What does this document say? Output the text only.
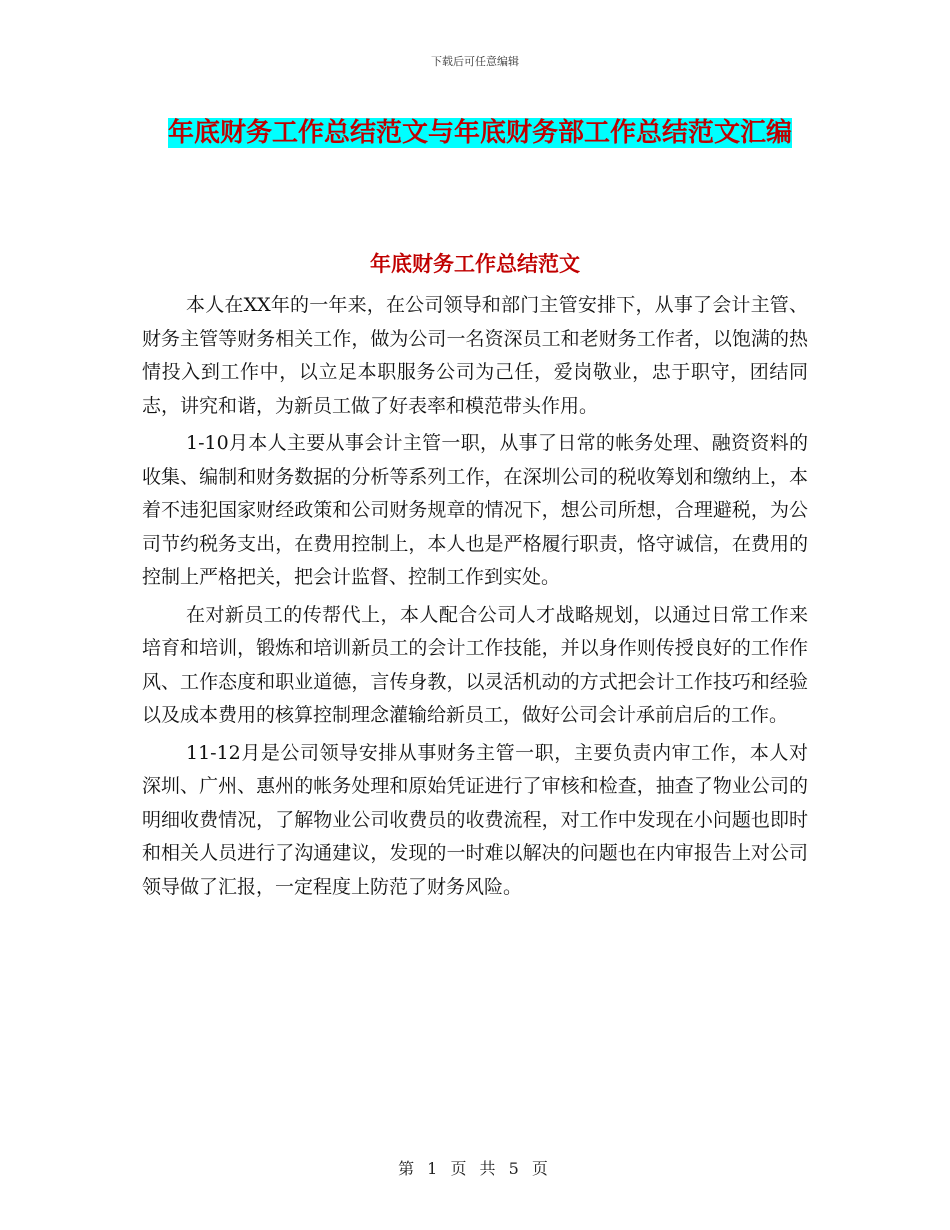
下载后可任意编辑
年底财务工作总结范文与年底财务部工作总结范文汇编
年底财务工作总结范文

本人在XX年的一年来，在公司领导和部门主管安排下，从事了会计主管、财务主管等财务相关工作，做为公司一名资深员工和老财务工作者，以饱满的热情投入到工作中，以立足本职服务公司为己任，爱岗敬业，忠于职守，团结同志，讲究和谐，为新员工做了好表率和模范带头作用。

1-10月本人主要从事会计主管一职，从事了日常的帐务处理、融资资料的收集、编制和财务数据的分析等系列工作，在深圳公司的税收筹划和缴纳上，本着不违犯国家财经政策和公司财务规章的情况下，想公司所想，合理避税，为公司节约税务支出，在费用控制上，本人也是严格履行职责，恪守诚信，在费用的控制上严格把关，把会计监督、控制工作到实处。

在对新员工的传帮代上，本人配合公司人才战略规划，以通过日常工作来培育和培训，锻炼和培训新员工的会计工作技能，并以身作则传授良好的工作作风、工作态度和职业道德，言传身教，以灵活机动的方式把会计工作技巧和经验以及成本费用的核算控制理念灌输给新员工，做好公司会计承前启后的工作。

11-12月是公司领导安排从事财务主管一职，主要负责内审工作，本人对深圳、广州、惠州的帐务处理和原始凭证进行了审核和检查，抽查了物业公司的明细收费情况，了解物业公司收费员的收费流程，对工作中发现在小问题也即时和相关人员进行了沟通建议，发现的一时难以解决的问题也在内审报告上对公司领导做了汇报，一定程度上防范了财务风险。

第 1 页 共 5 页
